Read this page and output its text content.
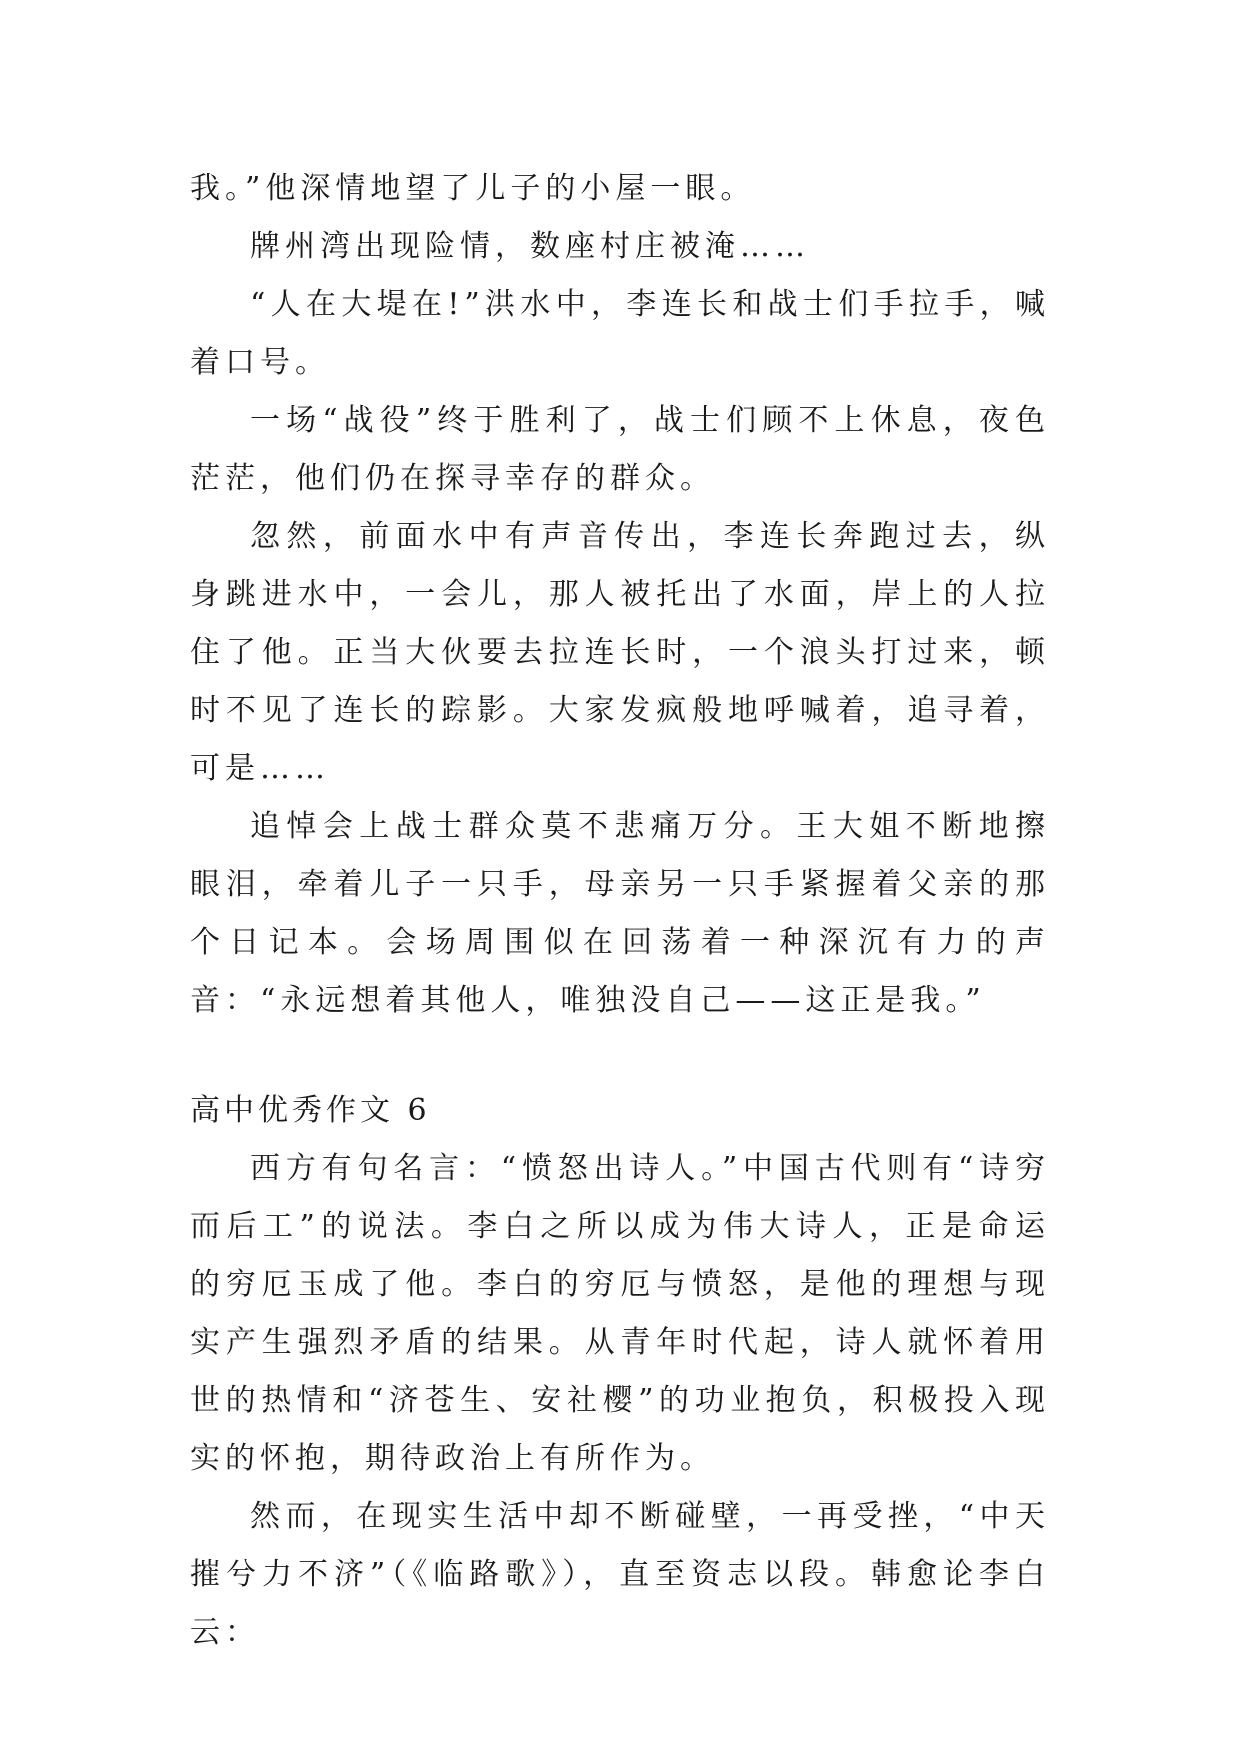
我。”他深情地望了儿子的小屋一眼。

牌州湾出现险情，数座村庄被淹……

“人在大堤在!”洪水中，李连长和战士们手拉手，喊着口号。

一场“战役”终于胜利了，战士们顾不上休息，夜色茫茫，他们仍在探寻幸存的群众。

忽然，前面水中有声音传出，李连长奔跑过去，纵身跳进水中，一会儿，那人被托出了水面，岸上的人拉住了他。正当大伙要去拉连长时，一个浪头打过来，顿时不见了连长的踪影。大家发疯般地呼喊着，追寻着，可是……

追悼会上战士群众莫不悲痛万分。王大姐不断地擦眼泪，牵着儿子一只手，母亲另一只手紧握着父亲的那个日记本。会场周围似在回荡着一种深沉有力的声音：“永远想着其他人，唯独没自己——这正是我。”

高中优秀作文 6

西方有句名言：“愤怒出诗人。”中国古代则有“诗穷而后工”的说法。李白之所以成为伟大诗人，正是命运的穷厄玉成了他。李白的穷厄与愤怒，是他的理想与现实产生强烈矛盾的结果。从青年时代起，诗人就怀着用世的热情和“济苍生、安社樱”的功业抱负，积极投入现实的怀抱，期待政治上有所作为。

然而，在现实生活中却不断碰壁，一再受挫，“中天摧兮力不济”（《临路歌》），直至资志以段。韩愈论李白云：
